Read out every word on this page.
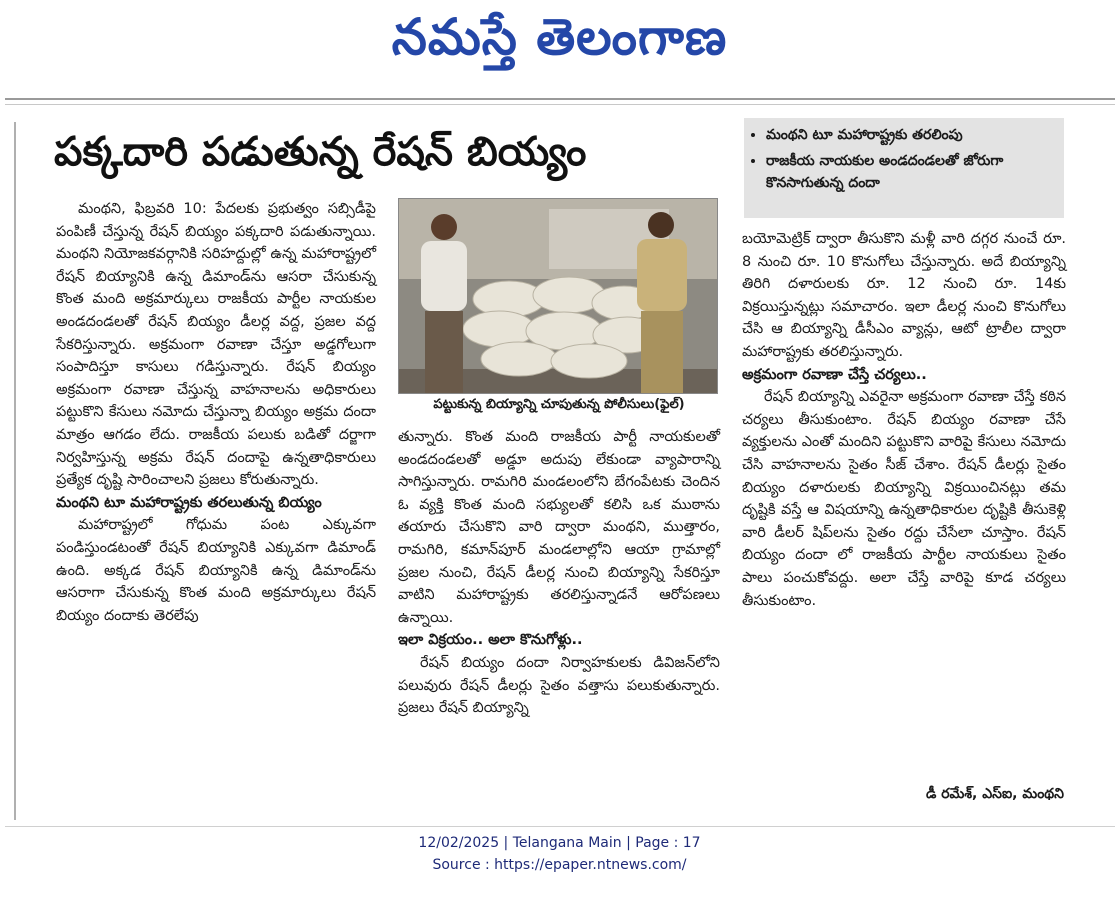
నమస్తే తెలంగాణ
పక్కదారి పడుతున్న రేషన్ బియ్యం
•	మంథని టూ మహారాష్ట్రకు తరలింపు
• రాజకీయ నాయకుల అండదండలతో జోరుగా కొనసాగుతున్న దందా

మంథని, ఫిబ్రవరి 10: పేదలకు ప్రభుత్వం సబ్సిడీపై పంపిణీ చేస్తున్న రేషన్ బియ్యం పక్కదారి పడుతున్నాయి. మంథని నియోజకవర్గానికి సరిహద్దుల్లో ఉన్న మహారాష్ట్రలో రేషన్ బియ్యానికి ఉన్న డిమాండ్‌ను ఆసరా చేసుకున్న కొంత మంది అక్రమార్కులు రాజకీయ పార్టీల నాయకుల అండదండలతో రేషన్ బియ్యం డీలర్ల వద్ద, ప్రజల వద్ద సేకరిస్తున్నారు. అక్రమంగా రవాణా చేస్తూ అడ్డగోలుగా సంపాదిస్తూ కాసులు గడిస్తున్నారు. రేషన్ బియ్యం అక్రమంగా రవాణా చేస్తున్న వాహనాలను అధికారులు పట్టుకొని కేసులు నమోదు చేస్తున్నా బియ్యం అక్రమ దందా మాత్రం ఆగడం లేదు. రాజకీయ పలుకు బడితో దర్జాగా నిర్వహిస్తున్న అక్రమ రేషన్ దందాపై ఉన్నతాధికారులు ప్రత్యేక దృష్టి సారించాలని ప్రజలు కోరుతున్నారు.

మంథని టూ మహారాష్ట్రకు తరలుతున్న బియ్యం

మహారాష్ట్రలో గోధుమ పంట ఎక్కువగా పండిస్తుండటంతో రేషన్ బియ్యానికి ఎక్కువగా డిమాండ్ ఉంది. అక్కడ రేషన్ బియ్యానికి ఉన్న డిమాండ్‌ను ఆసరాగా చేసుకున్న కొంత మంది అక్రమార్కులు రేషన్ బియ్యం దందాకు తెరలేపు

పట్టుకున్న బియ్యాన్ని చూపుతున్న పోలీసులు(ఫైల్)

తున్నారు. కొంత మంది రాజకీయ పార్టీ నాయకులతో అండదండలతో అడ్డూ అదుపు లేకుండా వ్యాపారాన్ని సాగిస్తున్నారు. రామగిరి మండలంలోని బేగంపేటకు చెందిన ఓ వ్యక్తి కొంత మంది సభ్యులతో కలిసి ఒక ముఠాను తయారు చేసుకొని వారి ద్వారా మంథని, ముత్తారం, రామగిరి, కమాన్‌పూర్ మండలాల్లోని ఆయా గ్రామాల్లో ప్రజల నుంచి, రేషన్ డీలర్ల నుంచి బియ్యాన్ని సేకరిస్తూ వాటిని మహారాష్ట్రకు తరలిస్తున్నాడనే ఆరోపణలు ఉన్నాయి.

ఇలా విక్రయం.. అలా కొనుగోళ్లు..

రేషన్ బియ్యం దందా నిర్వాహకులకు డివిజన్‌లోని పలువురు రేషన్ డీలర్లు సైతం వత్తాసు పలుకుతున్నారు. ప్రజలు రేషన్ బియ్యాన్ని

బయోమెట్రిక్ ద్వారా తీసుకొని మళ్లీ వారి దగ్గర నుంచే రూ. 8 నుంచి రూ. 10 కొనుగోలు చేస్తున్నారు. అదే బియ్యాన్ని తిరిగి దళారులకు రూ. 12 నుంచి రూ. 14కు విక్రయిస్తున్నట్లు సమాచారం. ఇలా డీలర్ల నుంచి కొనుగోలు చేసి ఆ బియ్యాన్ని డీసీఎం వ్యాన్లు, ఆటో ట్రాలీల ద్వారా మహారాష్ట్రకు తరలిస్తున్నారు.

అక్రమంగా రవాణా చేస్తే చర్యలు..

రేషన్ బియ్యాన్ని ఎవరైనా అక్రమంగా రవాణా చేస్తే కఠిన చర్యలు తీసుకుంటాం. రేషన్ బియ్యం రవాణా చేసే వ్యక్తులను ఎంతో మందిని పట్టుకొని వారిపై కేసులు నమోదు చేసి వాహనాలను సైతం సీజ్ చేశాం. రేషన్ డీలర్లు సైతం బియ్యం దళారులకు బియ్యాన్ని విక్రయించినట్లు తమ దృష్టికి వస్తే ఆ విషయాన్ని ఉన్నతాధికారుల దృష్టికి తీసుకెళ్లి వారి డీలర్ షిప్‌లను సైతం రద్దు చేసేలా చూస్తాం. రేషన్ బియ్యం దందా లో రాజకీయ పార్టీల నాయకులు సైతం పాలు పంచుకోవద్దు. అలా చేస్తే వారిపై కూడ చర్యలు తీసుకుంటాం.

డీ రమేశ్, ఎస్ఐ, మంథని
12/02/2025 | Telangana Main | Page : 17
Source : https://epaper.ntnews.com/
